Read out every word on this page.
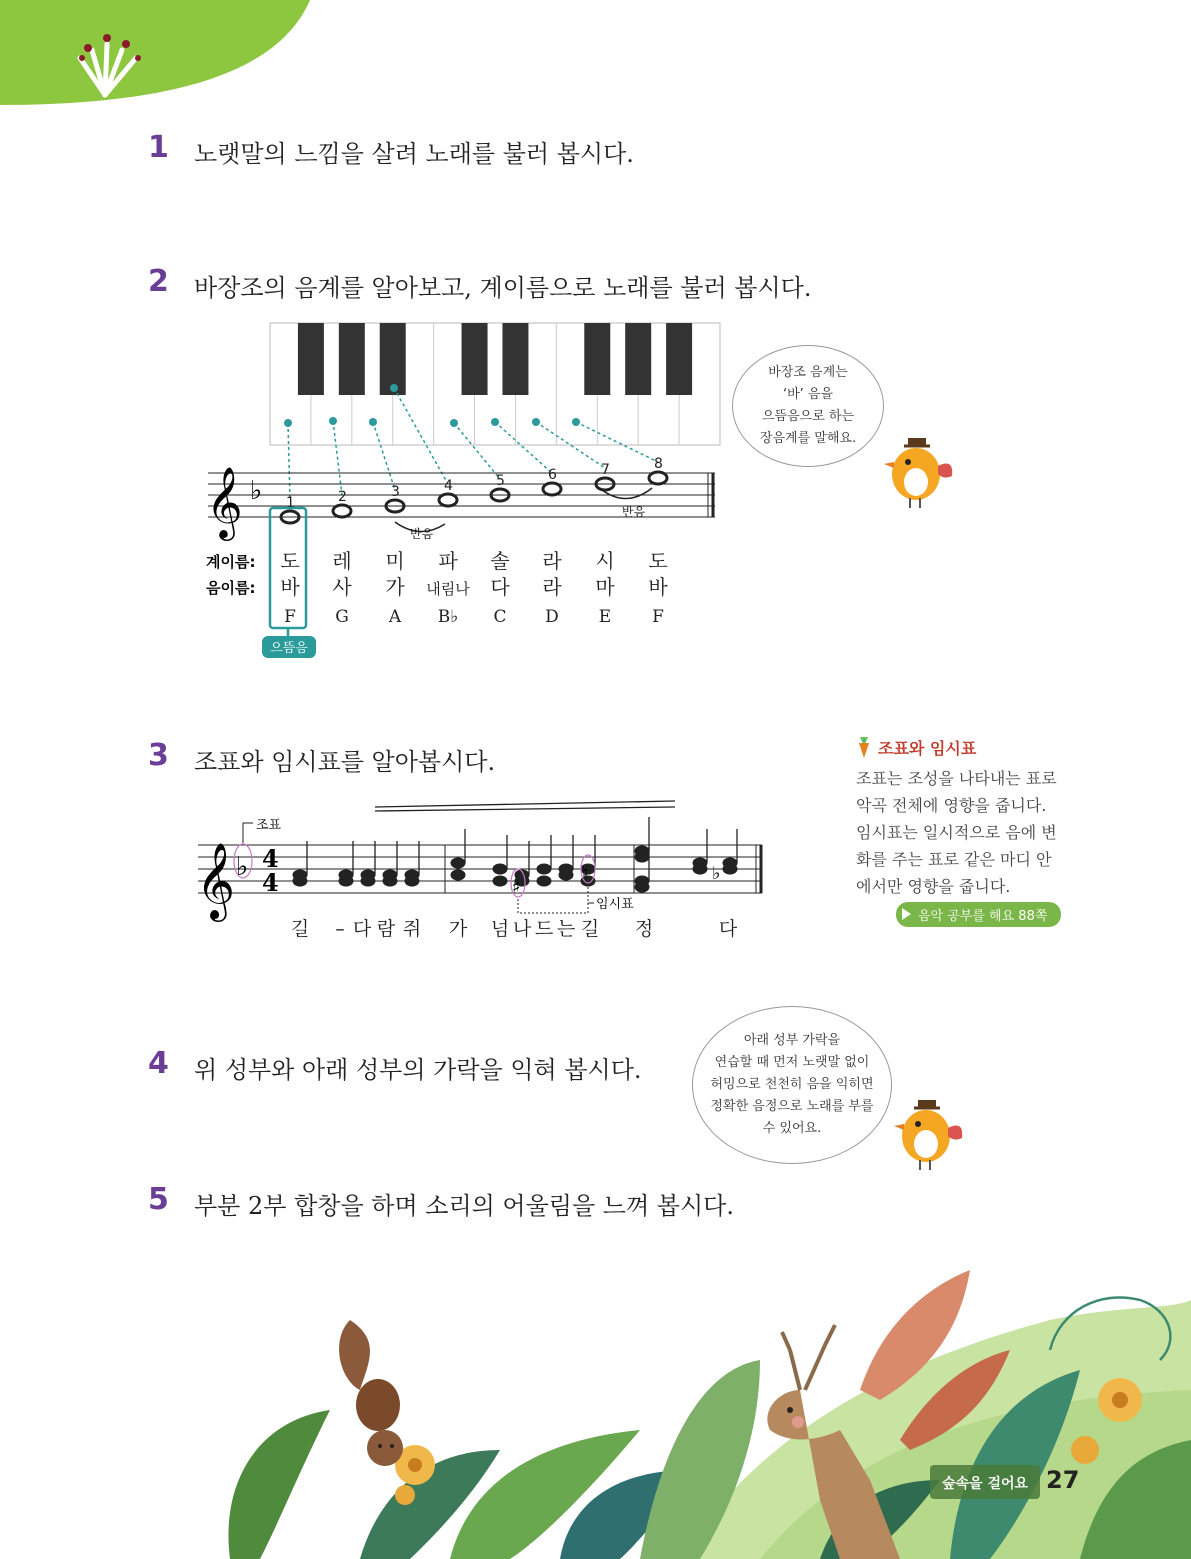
1 노랫말의 느낌을 살려 노래를 불러 봅시다.
2 바장조의 음계를 알아보고, 계이름으로 노래를 불러 봅시다.
𝄞 ♭ 1	2	3	4	5	6	7	8
반음
반음
으뜸음
계이름:
음이름:
도 레 미 파 솔 라 시 도
바 사 가 내림나 다 라 마 바
F G A B♭ C D E F
바장조 음계는
‘바’ 음을
으뜸음으로 하는
장음계를 말해요.
3 조표와 임시표를 알아봅시다.	조표와 임시표
조표는 조성을 나타내는 표로
악곡 전체에 영향을 줍니다.
임시표는 일시적으로 음에 변
화를 주는 표로 같은 마디 안
에서만 영향을 줍니다.
음악 공부를 해요 88쪽
𝄞 ♭
조표
4
4	♯
♮
임시표
♭
길 – 다 람 쥐 가 넘 나 드 는 길 정	다
4 위 성부와 아래 성부의 가락을 익혀 봅시다.
아래 성부 가락을
연습할 때 먼저 노랫말 없이
허밍으로 천천히 음을 익히면
정확한 음정으로 노래를 부를
수 있어요.
5 부분 2부 합창을 하며 소리의 어울림을 느껴 봅시다.
숲속을 걸어요 27
